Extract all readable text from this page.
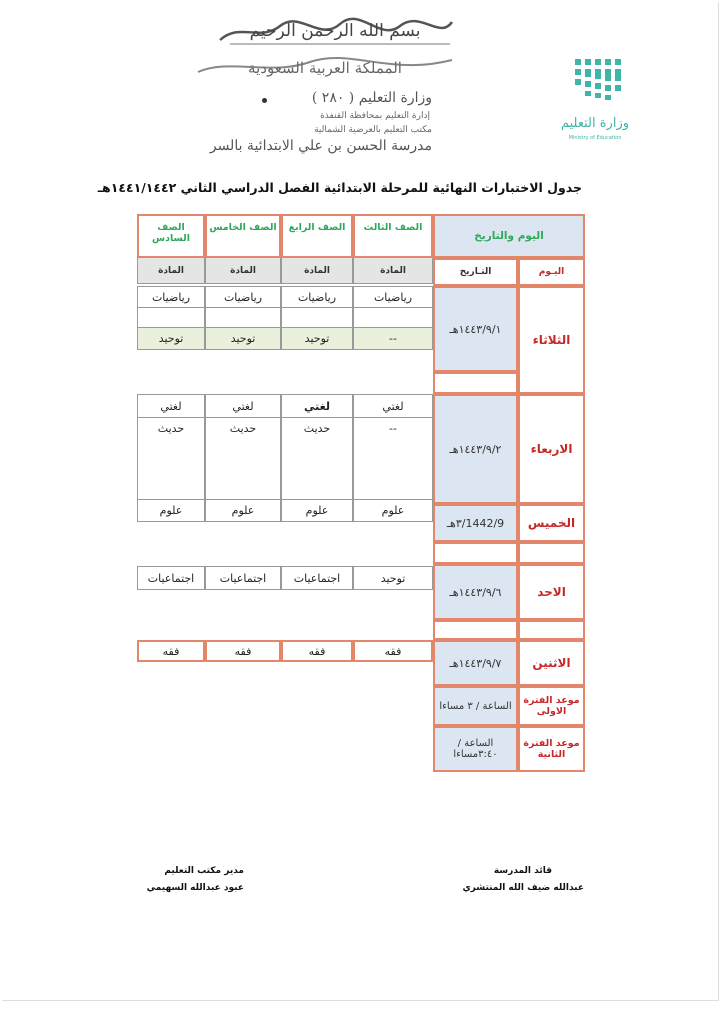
بسم الله الرحمن الرحيم
المملكة العربية السعودية
وزارة التعليم
Ministry of Education
وزارة التعليم ( ٢٨٠ )
إدارة التعليم بمحافظة القنفذة
مكتب التعليم بالعرضية الشمالية
مدرسة الحسن بن علي الابتدائية بالسر
جدول الاختبارات النهائية للمرحلة الابتدائية الفصل الدراسي الثاني ١٤٤١/١٤٤٢هـ
اليوم والتاريخ
الصف الثالث
الصف الرابع
الصف الخامس
الصف السادس
اليـوم
التـاريخ
المادة
المادة
المادة
المادة
الثلاثاء
١٤٤٣/٩/١هـ
رياضيات
رياضيات
رياضيات
رياضيات
--
توحيد
توحيد
توحيد
الاربعاء
١٤٤٣/٩/٢هـ
لغتي
لغتي
لغتي
لغتي
--
حديث
حديث
حديث
علوم
علوم
علوم
علوم
الخميس
1442/9/٣هـ
الاحد
١٤٤٣/٩/٦هـ
توحيد
اجتماعيات
اجتماعيات
اجتماعيات
الاثنين
١٤٤٣/٩/٧هـ
فقه
فقه
فقه
فقه
موعد الفترة الاولى
الساعة / ٣ مساءا
موعد الفترة الثانية
الساعة / ٣:٤٠مساءا
قائد المدرسة
عبدالله ضيف الله المنتشري
مدير مكتب التعليم
عبود عبدالله السهيمي
